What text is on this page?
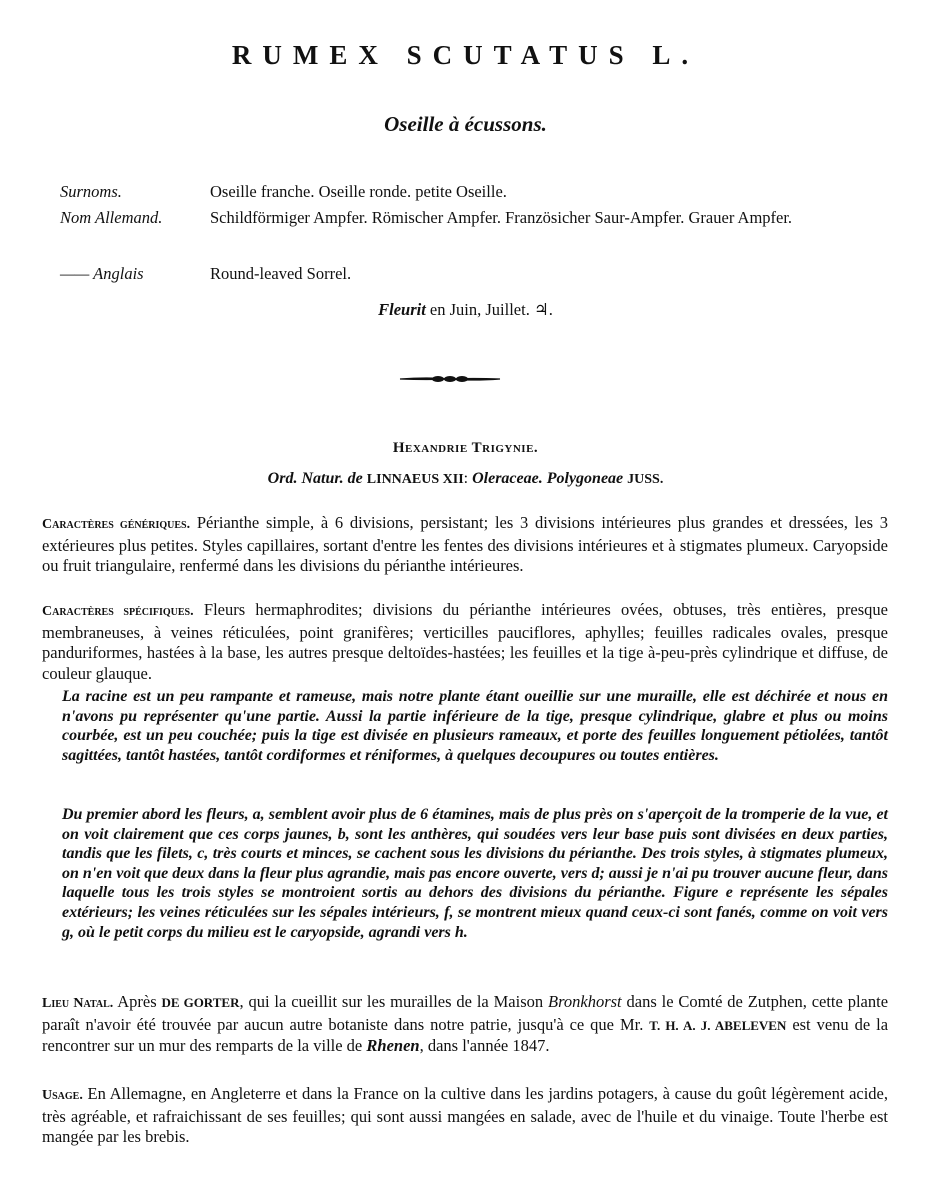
RUMEX SCUTATUS L.
Oseille à écussons.
Surnoms.	Oseille franche. Oseille ronde. petite Oseille.
Nom Allemand.	Schildförmiger Ampfer. Römischer Ampfer. Französicher Saur-Ampfer. Grauer Ampfer.
—— Anglais	Round-leaved Sorrel.
Fleurit en Juin, Juillet. ♃.
Hexandrie Trigynie.
Ord. Natur. de LINNAEUS XII: Oleraceae. Polygoneae JUSS.
Caractères génériques. Périanthe simple, à 6 divisions, persistant; les 3 divisions intérieures plus grandes et dressées, les 3 extérieures plus petites. Styles capillaires, sortant d'entre les fentes des divisions intérieures et à stigmates plumeux. Caryopside ou fruit triangulaire, renfermé dans les divisions du périanthe intérieures.
Caractères spécifiques. Fleurs hermaphrodites; divisions du périanthe intérieures ovées, obtuses, très entières, presque membraneuses, à veines réticulées, point granifères; verticilles pauciflores, aphylles; feuilles radicales ovales, presque panduriformes, hastées à la base, les autres presque deltoïdes-hastées; les feuilles et la tige à-peu-près cylindrique et diffuse, de couleur glauque.
La racine est un peu rampante et rameuse, mais notre plante étant oueillie sur une muraille, elle est déchirée et nous en n'avons pu représenter qu'une partie. Aussi la partie inférieure de la tige, presque cylindrique, glabre et plus ou moins courbée, est un peu couchée; puis la tige est divisée en plusieurs rameaux, et porte des feuilles longuement pétiolées, tantôt sagittées, tantôt hastées, tantôt cordiformes et réniformes, à quelques decoupures ou toutes entières.
Du premier abord les fleurs, a, semblent avoir plus de 6 étamines, mais de plus près on s'aperçoit de la tromperie de la vue, et on voit clairement que ces corps jaunes, b, sont les anthères, qui soudées vers leur base puis sont divisées en deux parties, tandis que les filets, c, très courts et minces, se cachent sous les divisions du périanthe. Des trois styles, à stigmates plumeux, on n'en voit que deux dans la fleur plus agrandie, mais pas encore ouverte, vers d; aussi je n'ai pu trouver aucune fleur, dans laquelle tous les trois styles se montroient sortis au dehors des divisions du périanthe. Figure e représente les sépales extérieurs; les veines réticulées sur les sépales intérieurs, f, se montrent mieux quand ceux-ci sont fanés, comme on voit vers g, où le petit corps du milieu est le caryopside, agrandi vers h.
Lieu Natal. Après DE GORTER, qui la cueillit sur les murailles de la Maison Bronkhorst dans le Comté de Zutphen, cette plante paraît n'avoir été trouvée par aucun autre botaniste dans notre patrie, jusqu'à ce que Mr. T. H. A. J. ABELEVEN est venu de la rencontrer sur un mur des remparts de la ville de Rhenen, dans l'année 1847.
Usage. En Allemagne, en Angleterre et dans la France on la cultive dans les jardins potagers, à cause du goût légèrement acide, très agréable, et rafraichissant de ses feuilles; qui sont aussi mangées en salade, avec de l'huile et du vinaige. Toute l'herbe est mangée par les brebis.
